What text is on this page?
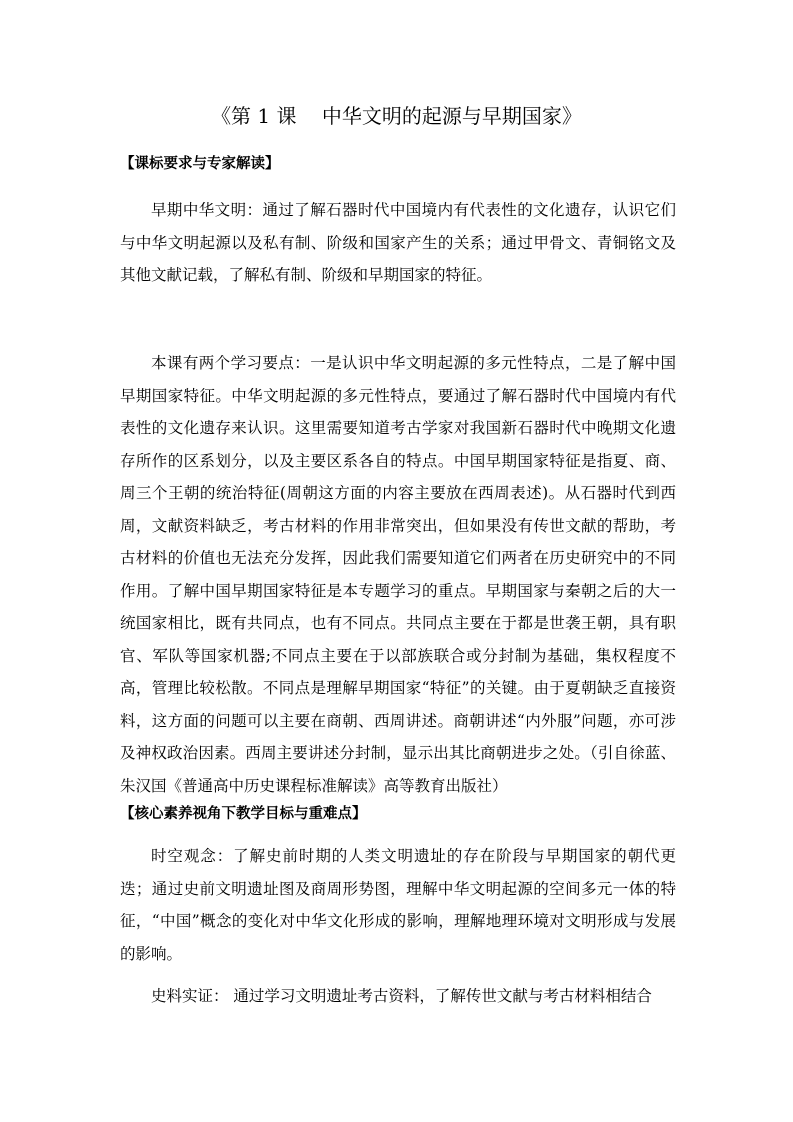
《第 1 课    中华文明的起源与早期国家》
【课标要求与专家解读】
早期中华文明：通过了解石器时代中国境内有代表性的文化遗存，认识它们与中华文明起源以及私有制、阶级和国家产生的关系；通过甲骨文、青铜铭文及其他文献记载，了解私有制、阶级和早期国家的特征。
本课有两个学习要点：一是认识中华文明起源的多元性特点，二是了解中国早期国家特征。中华文明起源的多元性特点，要通过了解石器时代中国境内有代表性的文化遗存来认识。这里需要知道考古学家对我国新石器时代中晚期文化遗存所作的区系划分，以及主要区系各自的特点。中国早期国家特征是指夏、商、周三个王朝的统治特征(周朝这方面的内容主要放在西周表述)。从石器时代到西周，文献资料缺乏，考古材料的作用非常突出，但如果没有传世文献的帮助，考古材料的价值也无法充分发挥，因此我们需要知道它们两者在历史研究中的不同作用。了解中国早期国家特征是本专题学习的重点。早期国家与秦朝之后的大一统国家相比，既有共同点，也有不同点。共同点主要在于都是世袭王朝，具有职官、军队等国家机器;不同点主要在于以部族联合或分封制为基础，集权程度不高，管理比较松散。不同点是理解早期国家“特征”的关键。由于夏朝缺乏直接资料，这方面的问题可以主要在商朝、西周讲述。商朝讲述“内外服”问题，亦可涉及神权政治因素。西周主要讲述分封制，显示出其比商朝进步之处。（引自徐蓝、朱汉国《普通高中历史课程标准解读》高等教育出版社）
【核心素养视角下教学目标与重难点】
时空观念：了解史前时期的人类文明遗址的存在阶段与早期国家的朝代更迭；通过史前文明遗址图及商周形势图，理解中华文明起源的空间多元一体的特征，“中国”概念的变化对中华文化形成的影响，理解地理环境对文明形成与发展的影响。
史料实证： 通过学习文明遗址考古资料，了解传世文献与考古材料相结合
